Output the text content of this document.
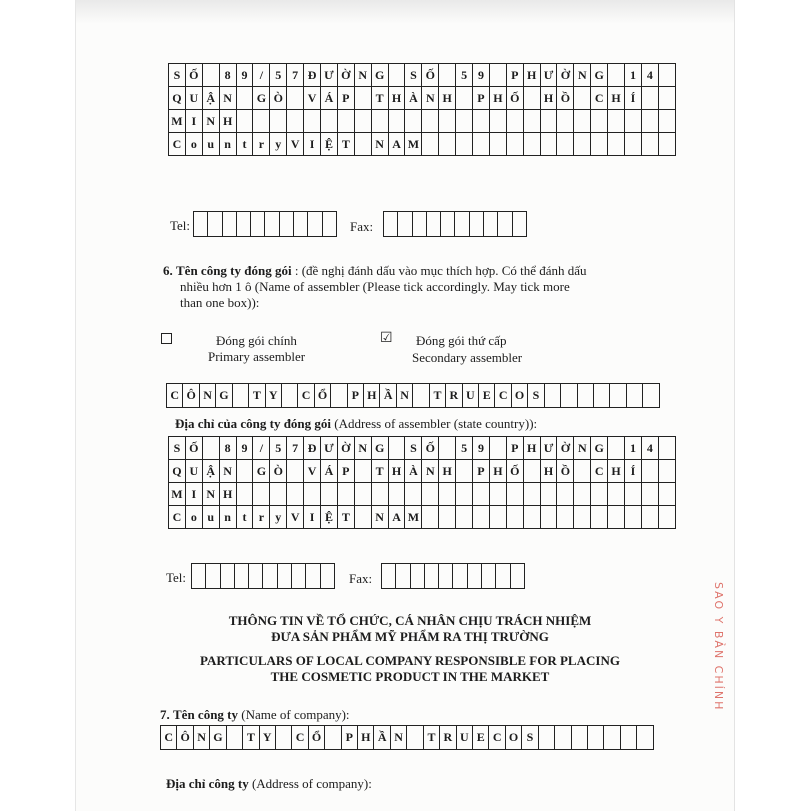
S	Ố		8	9	/	5	7	Đ	Ư	Ờ	N	G		S	Ố		5	9		P	H	Ư	Ờ	N	G		1	4	
Q	U	Ậ	N		G	Ò		V	Á	P		T	H	À	N	H		P	H	Ố		H	Ồ		C	H	Í		
M	I	N	H																										
C	o	u	n	t	r	y	V	I	Ệ	T		N	A	M															
Tel:
										Fax:

6. Tên công ty đóng gói : (đề nghị đánh dấu vào mục thích hợp. Có thể đánh dấu
nhiều hơn 1 ô (Name of assembler (Please tick accordingly. May tick more
than one box)):
Đóng gói chính
Primary assembler
☑ Đóng gói thứ cấp
Secondary assembler
C	Ô	N	G		T	Y		C	Ổ		P	H	Ầ	N		T	R	U	E	C	O	S							
Địa chỉ của công ty đóng gói (Address of assembler (state country)):
S	Ố		8	9	/	5	7	Đ	Ư	Ờ	N	G		S	Ố		5	9		P	H	Ư	Ờ	N	G		1	4	
Q	U	Ậ	N		G	Ò		V	Á	P		T	H	À	N	H		P	H	Ố		H	Ồ		C	H	Í		
M	I	N	H																										
C	o	u	n	t	r	y	V	I	Ệ	T		N	A	M															
Tel:
										Fax:

THÔNG TIN VỀ TỔ CHỨC, CÁ NHÂN CHỊU TRÁCH NHIỆM
ĐƯA SẢN PHẨM MỸ PHẨM RA THỊ TRƯỜNG
PARTICULARS OF LOCAL COMPANY RESPONSIBLE FOR PLACING
THE COSMETIC PRODUCT IN THE MARKET
7. Tên công ty (Name of company):
C	Ô	N	G		T	Y		C	Ổ		P	H	Ầ	N		T	R	U	E	C	O	S							
Địa chỉ công ty (Address of company):
SAO Y BẢN CHÍNH
